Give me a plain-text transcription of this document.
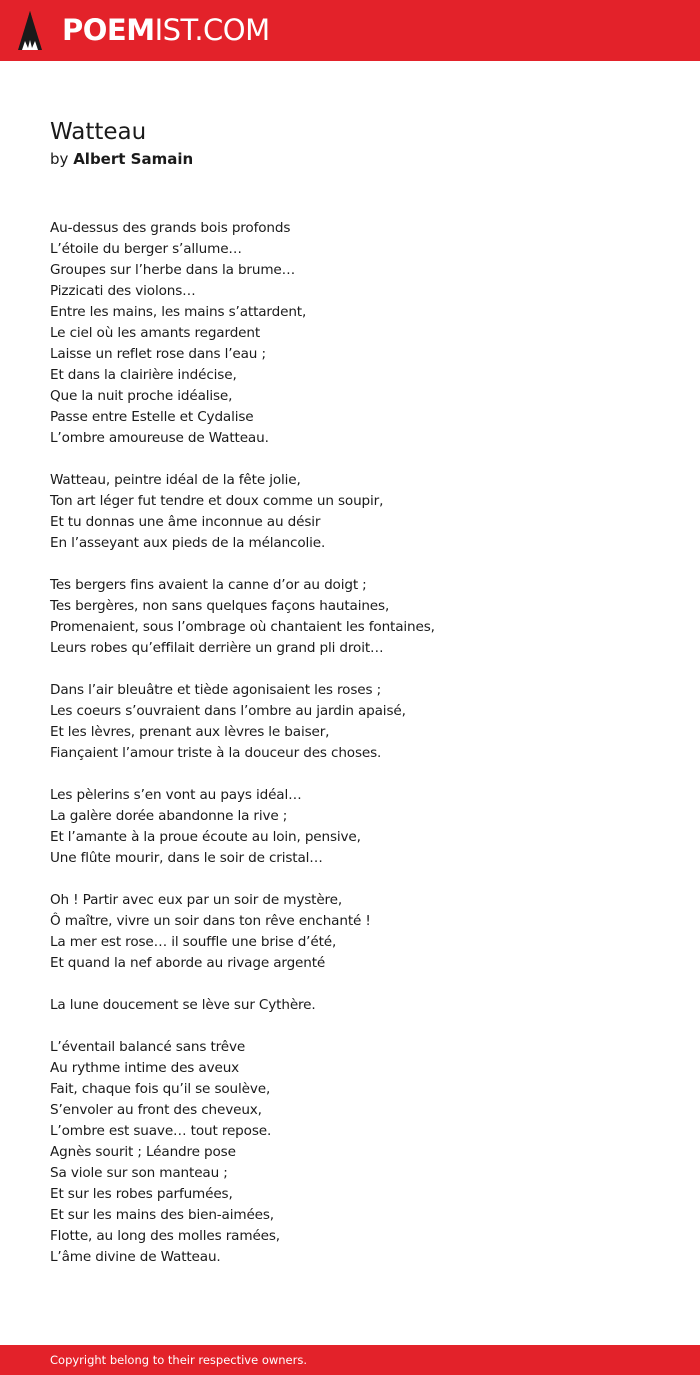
POEMIST.COM
Watteau
by Albert Samain
Au-dessus des grands bois profonds
L’étoile du berger s’allume…
Groupes sur l’herbe dans la brume…
Pizzicati des violons…
Entre les mains, les mains s’attardent,
Le ciel où les amants regardent
Laisse un reflet rose dans l’eau ;
Et dans la clairière indécise,
Que la nuit proche idéalise,
Passe entre Estelle et Cydalise
L’ombre amoureuse de Watteau.
Watteau, peintre idéal de la fête jolie,
Ton art léger fut tendre et doux comme un soupir,
Et tu donnas une âme inconnue au désir
En l’asseyant aux pieds de la mélancolie.
Tes bergers fins avaient la canne d’or au doigt ;
Tes bergères, non sans quelques façons hautaines,
Promenaient, sous l’ombrage où chantaient les fontaines,
Leurs robes qu’effilait derrière un grand pli droit…
Dans l’air bleuâtre et tiède agonisaient les roses ;
Les coeurs s’ouvraient dans l’ombre au jardin apaisé,
Et les lèvres, prenant aux lèvres le baiser,
Fiançaient l’amour triste à la douceur des choses.
Les pèlerins s’en vont au pays idéal…
La galère dorée abandonne la rive ;
Et l’amante à la proue écoute au loin, pensive,
Une flûte mourir, dans le soir de cristal…
Oh ! Partir avec eux par un soir de mystère,
Ô maître, vivre un soir dans ton rêve enchanté !
La mer est rose… il souffle une brise d’été,
Et quand la nef aborde au rivage argenté
La lune doucement se lève sur Cythère.
L’éventail balancé sans trêve
Au rythme intime des aveux
Fait, chaque fois qu’il se soulève,
S’envoler au front des cheveux,
L’ombre est suave… tout repose.
Agnès sourit ; Léandre pose
Sa viole sur son manteau ;
Et sur les robes parfumées,
Et sur les mains des bien-aimées,
Flotte, au long des molles ramées,
L’âme divine de Watteau.
Copyright belong to their respective owners.
